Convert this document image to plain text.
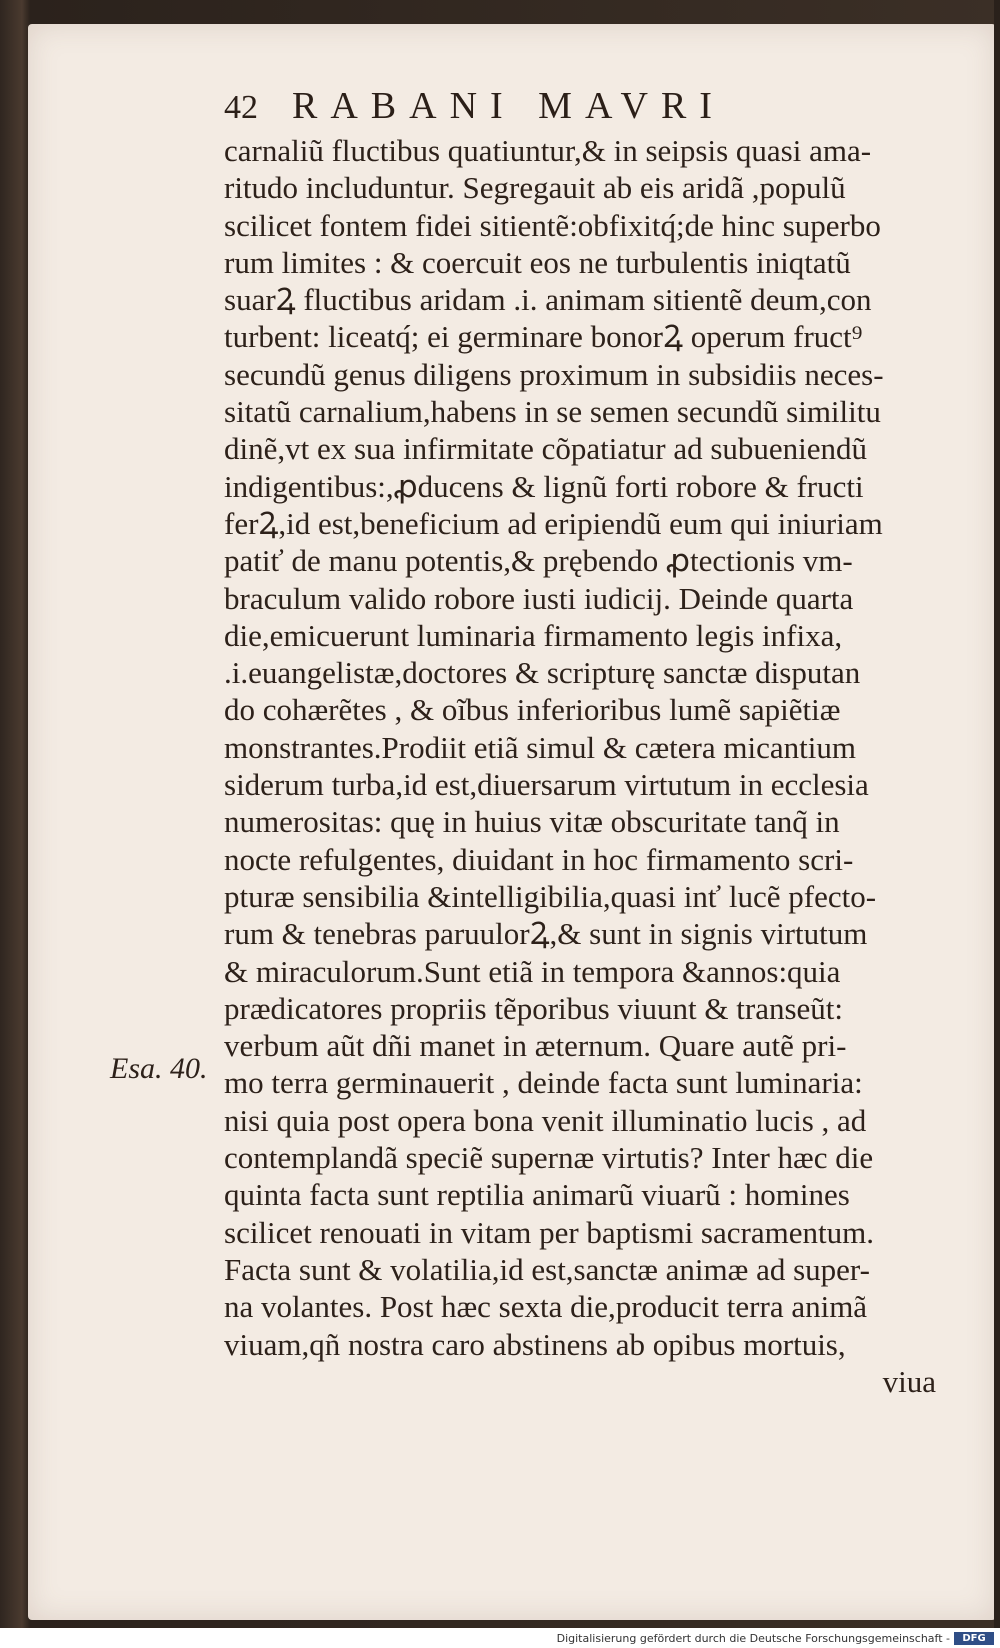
42 RABANI MAVRI
carnaliũ fluctibus quatiuntur,& in seipsis quasi ama-
ritudo includuntur. Segregauit ab eis aridã ,populũ
scilicet fontem fidei sitientẽ:obfixitq́;de hinc superbo
rum limites : & coercuit eos ne turbulentis iniqtatũ
suarꝜ fluctibus aridam .i. animam sitientẽ deum,con
turbent: liceatq́; ei germinare bonorꝜ operum fruct⁹
secundũ genus diligens proximum in subsidiis neces-
sitatũ carnalium,habens in se semen secundũ similitu
dinẽ,vt ex sua infirmitate cõpatiatur ad subueniendũ
indigentibus:,ꝓducens & lignũ forti robore & fructi
ferꝜ,id est,beneficium ad eripiendũ eum qui iniuriam
patiť de manu potentis,& prębendo ꝓtectionis vm-
braculum valido robore iusti iudicij. Deinde quarta
die,emicuerunt luminaria firmamento legis infixa,
.i.euangelistæ,doctores & scripturę sanctæ disputan
do cohærẽtes , & oĩbus inferioribus lumẽ sapiẽtiæ
monstrantes.Prodiit etiã simul & cætera micantium
siderum turba,id est,diuersarum virtutum in ecclesia
numerositas: quę in huius vitæ obscuritate tanq̃ in
nocte refulgentes, diuidant in hoc firmamento scri-
pturæ sensibilia &intelligibilia,quasi inť lucẽ pfecto-
rum & tenebras paruulorꝜ,& sunt in signis virtutum
& miraculorum.Sunt etiã in tempora &annos:quia
prædicatores propriis tẽporibus viuunt & transeũt:
verbum aũt dñi manet in æternum. Quare autẽ pri-
mo terra germinauerit , deinde facta sunt luminaria:
nisi quia post opera bona venit illuminatio lucis , ad
contemplandã speciẽ supernæ virtutis? Inter hæc die
quinta facta sunt reptilia animarũ viuarũ : homines
scilicet renouati in vitam per baptismi sacramentum.
Facta sunt & volatilia,id est,sanctæ animæ ad super-
na volantes. Post hæc sexta die,producit terra animã
viuam,qñ nostra caro abstinens ab opibus mortuis,
viua
Esa. 40.
Digitalisierung gefördert durch die Deutsche Forschungsgemeinschaft -	DFG
